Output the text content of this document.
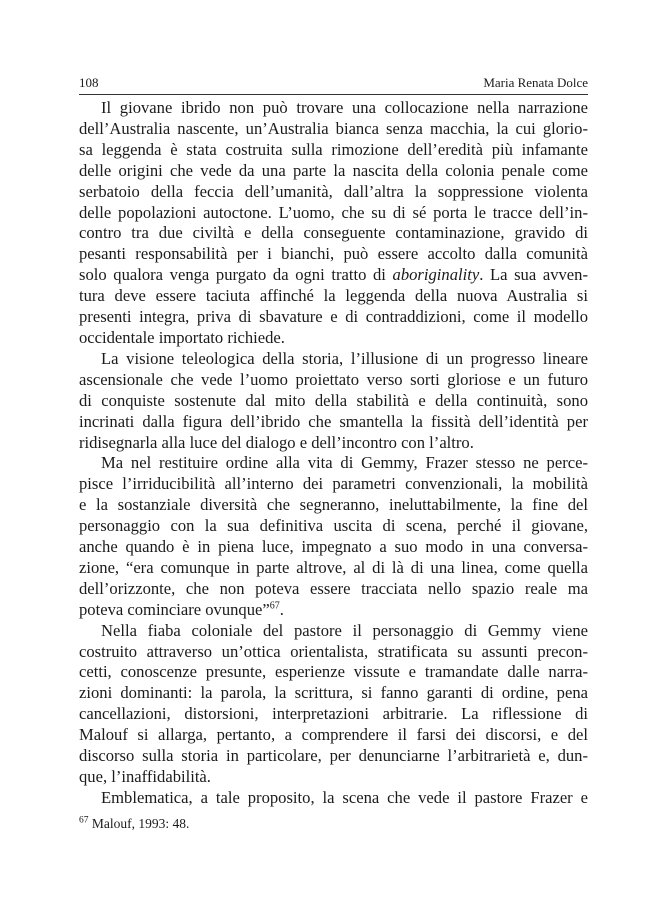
108	Maria Renata Dolce
Il giovane ibrido non può trovare una collocazione nella narrazione
dell’Australia nascente, un’Australia bianca senza macchia, la cui glorio-
sa leggenda è stata costruita sulla rimozione dell’eredità più infamante
delle origini che vede da una parte la nascita della colonia penale come
serbatoio della feccia dell’umanità, dall’altra la soppressione violenta
delle popolazioni autoctone. L’uomo, che su di sé porta le tracce dell’in-
contro tra due civiltà e della conseguente contaminazione, gravido di
pesanti responsabilità per i bianchi, può essere accolto dalla comunità
solo qualora venga purgato da ogni tratto di aboriginality. La sua avven-
tura deve essere taciuta affinché la leggenda della nuova Australia si
presenti integra, priva di sbavature e di contraddizioni, come il modello
occidentale importato richiede.
La visione teleologica della storia, l’illusione di un progresso lineare
ascensionale che vede l’uomo proiettato verso sorti gloriose e un futuro
di conquiste sostenute dal mito della stabilità e della continuità, sono
incrinati dalla figura dell’ibrido che smantella la fissità dell’identità per
ridisegnarla alla luce del dialogo e dell’incontro con l’altro.
Ma nel restituire ordine alla vita di Gemmy, Frazer stesso ne perce-
pisce l’irriducibilità all’interno dei parametri convenzionali, la mobilità
e la sostanziale diversità che segneranno, ineluttabilmente, la fine del
personaggio con la sua definitiva uscita di scena, perché il giovane,
anche quando è in piena luce, impegnato a suo modo in una conversa-
zione, “era comunque in parte altrove, al di là di una linea, come quella
dell’orizzonte, che non poteva essere tracciata nello spazio reale ma
poteva cominciare ovunque”$^{67}$.
Nella fiaba coloniale del pastore il personaggio di Gemmy viene
costruito attraverso un’ottica orientalista, stratificata su assunti precon-
cetti, conoscenze presunte, esperienze vissute e tramandate dalle narra-
zioni dominanti: la parola, la scrittura, si fanno garanti di ordine, pena
cancellazioni, distorsioni, interpretazioni arbitrarie. La riflessione di
Malouf si allarga, pertanto, a comprendere il farsi dei discorsi, e del
discorso sulla storia in particolare, per denunciarne l’arbitrarietà e, dun-
que, l’inaffidabilità.
Emblematica, a tale proposito, la scena che vede il pastore Frazer e
$^{67}$ Malouf, 1993: 48.
